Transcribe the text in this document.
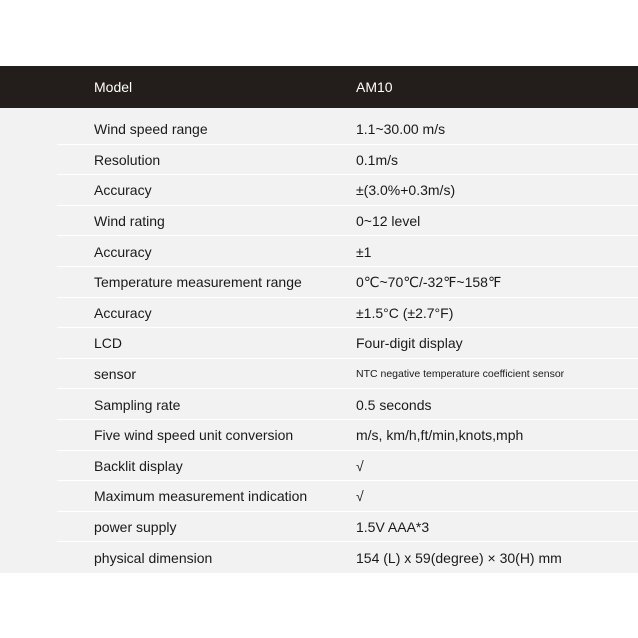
Model	AM10
Wind speed range	1.1~30.00 m/s
Resolution	0.1m/s
Accuracy	±(3.0%+0.3m/s)
Wind rating	0~12 level
Accuracy	±1
Temperature measurement range	0℃~70℃/-32℉~158℉
Accuracy	±1.5°C (±2.7°F)
LCD	Four-digit display
sensor	NTC negative temperature coefficient sensor
Sampling rate	0.5 seconds
Five wind speed unit conversion	m/s, km/h,ft/min,knots,mph
Backlit display	√
Maximum measurement indication	√
power supply	1.5V AAA*3
physical dimension	154 (L) x 59(degree) × 30(H) mm
